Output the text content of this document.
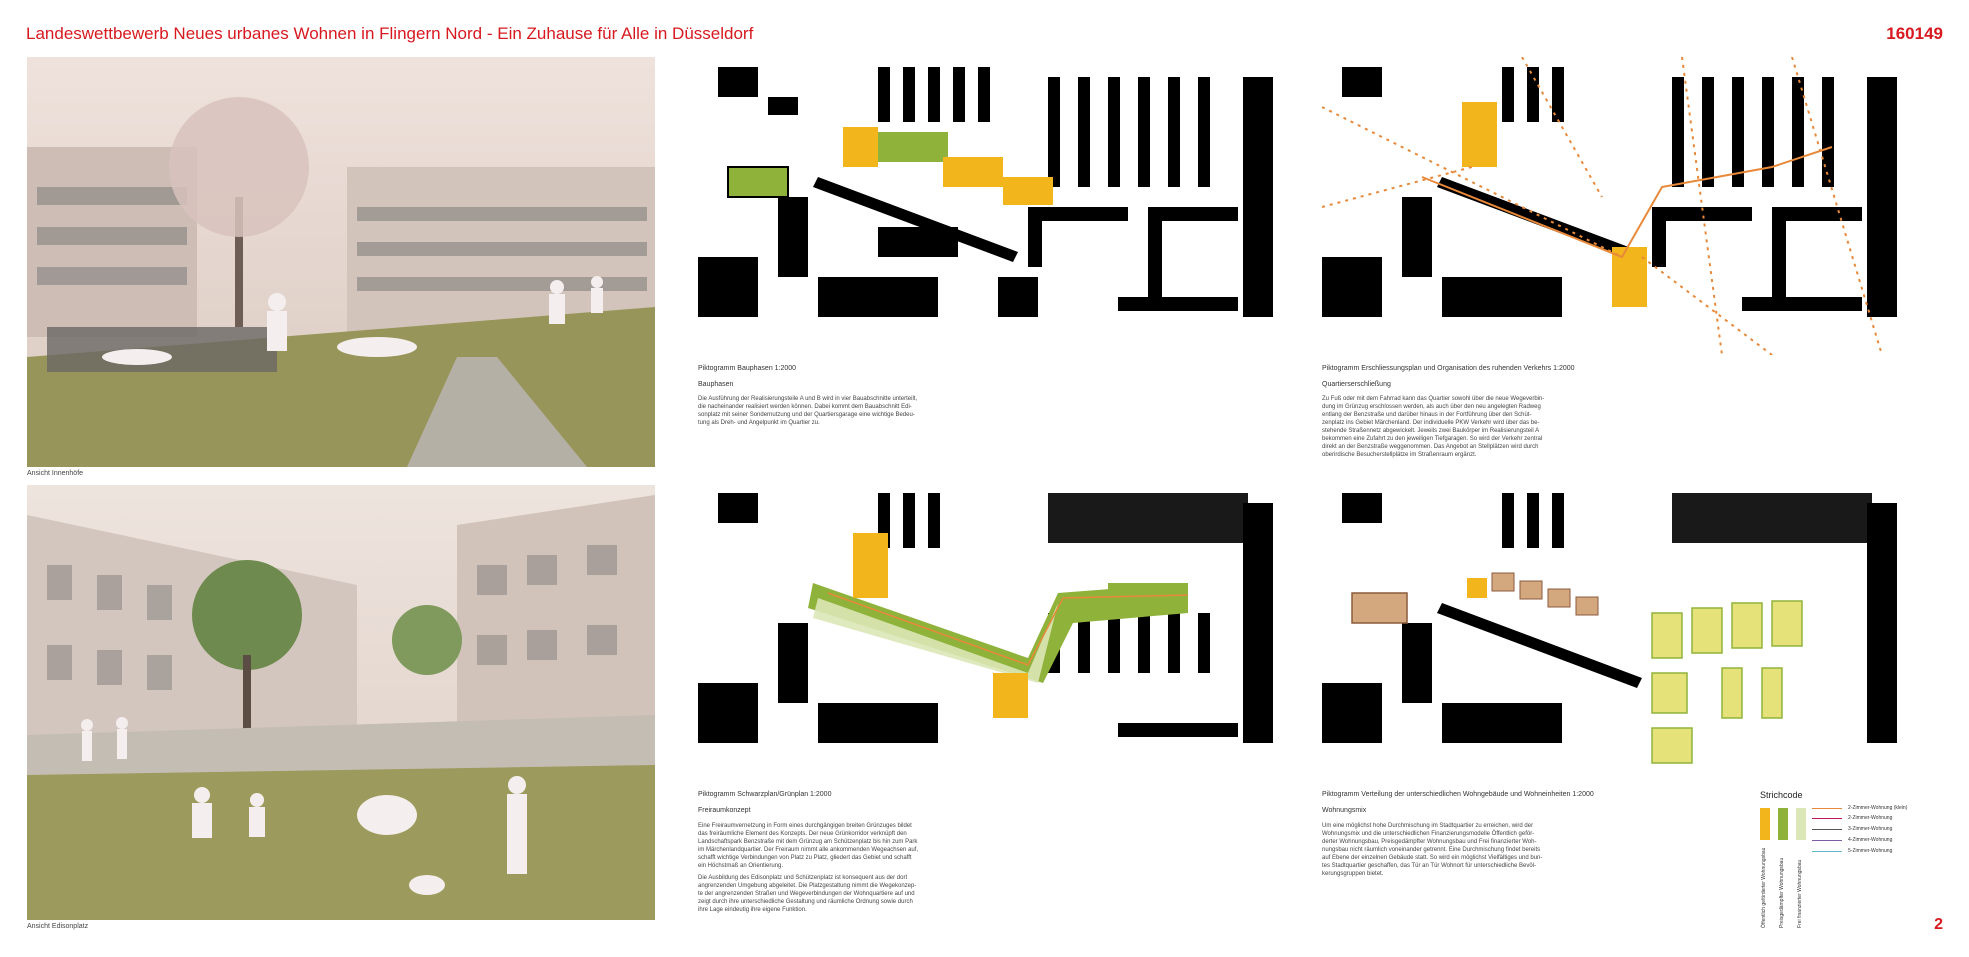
Landeswettbewerb Neues urbanes Wohnen in Flingern Nord - Ein Zuhause für Alle in Düsseldorf	160149
Ansicht Innenhöfe
Ansicht Edisonplatz
Piktogramm Bauphasen 1:2000
Bauphasen
Die Ausführung der Realisierungsteile A und B wird in vier Bauabschnitte unterteilt,
die nacheinander realisiert werden können. Dabei kommt dem Bauabschnitt Edi-
sonplatz mit seiner Sondernutzung und der Quartiersgarage eine wichtige Bedeu-
tung als Dreh- und Angelpunkt im Quartier zu.
Piktogramm Erschliessungsplan und Organisation des ruhenden Verkehrs 1:2000
Quartierserschließung
Zu Fuß oder mit dem Fahrrad kann das Quartier sowohl über die neue Wegeverbin-
dung im Grünzug erschlossen werden, als auch über den neu angelegten Radweg
entlang der Benzstraße und darüber hinaus in der Fortführung über den Schüt-
zenplatz ins Gebiet Märchenland. Der individuelle PKW Verkehr wird über das be-
stehende Straßennetz abgewickelt. Jeweils zwei Baukörper im Realisierungsteil A
bekommen eine Zufahrt zu den jeweiligen Tiefgaragen. So wird der Verkehr zentral
direkt an der Benzstraße weggenommen. Das Angebot an Stellplätzen wird durch
oberirdische Besucherstellplätze im Straßenraum ergänzt.
Piktogramm Schwarzplan/Grünplan 1:2000
Freiraumkonzept
Eine Freiraumvernetzung in Form eines durchgängigen breiten Grünzuges bildet
das freiräumliche Element des Konzepts. Der neue Grünkorridor verknüpft den
Landschaftspark Benzstraße mit dem Grünzug am Schützenplatz bis hin zum Park
im Märchenlandquartier. Der Freiraum nimmt alle ankommenden Wegeachsen auf,
schafft wichtige Verbindungen von Platz zu Platz, gliedert das Gebiet und schafft
ein Höchstmaß an Orientierung.
Die Ausbildung des Edisonplatz und Schützenplatz ist konsequent aus der dort
angrenzenden Umgebung abgeleitet. Die Platzgestaltung nimmt die Wegekonzep-
te der angrenzenden Straßen und Wegeverbindungen der Wohnquartiere auf und
zeigt durch ihre unterschiedliche Gestaltung und räumliche Ordnung sowie durch
ihre Lage eindeutig ihre eigene Funktion.
Piktogramm Verteilung der unterschiedlichen Wohngebäude und Wohneinheiten 1:2000
Wohnungsmix
Um eine möglichst hohe Durchmischung im Stadtquartier zu erreichen, wird der
Wohnungsmix und die unterschiedlichen Finanzierungsmodelle Öffentlich geför-
derter Wohnungsbau, Preisgedämpfter Wohnungsbau und Frei finanzierter Woh-
nungsbau nicht räumlich voneinander getrennt. Eine Durchmischung findet bereits
auf Ebene der einzelnen Gebäude statt. So wird ein möglichst Vielfältiges und bun-
tes Stadtquartier geschaffen, das Tür an Tür Wohnort für unterschiedliche Bevöl-
kerungsgruppen bietet.
Strichcode
Öffentlich geförderter Wohnungsbau Preisgedämpfter Wohnungsbau Frei finanzierter Wohnungsbau
2-Zimmer-Wohnung (klein)
2-Zimmer-Wohnung
3-Zimmer-Wohnung
4-Zimmer-Wohnung
5-Zimmer-Wohnung
2
